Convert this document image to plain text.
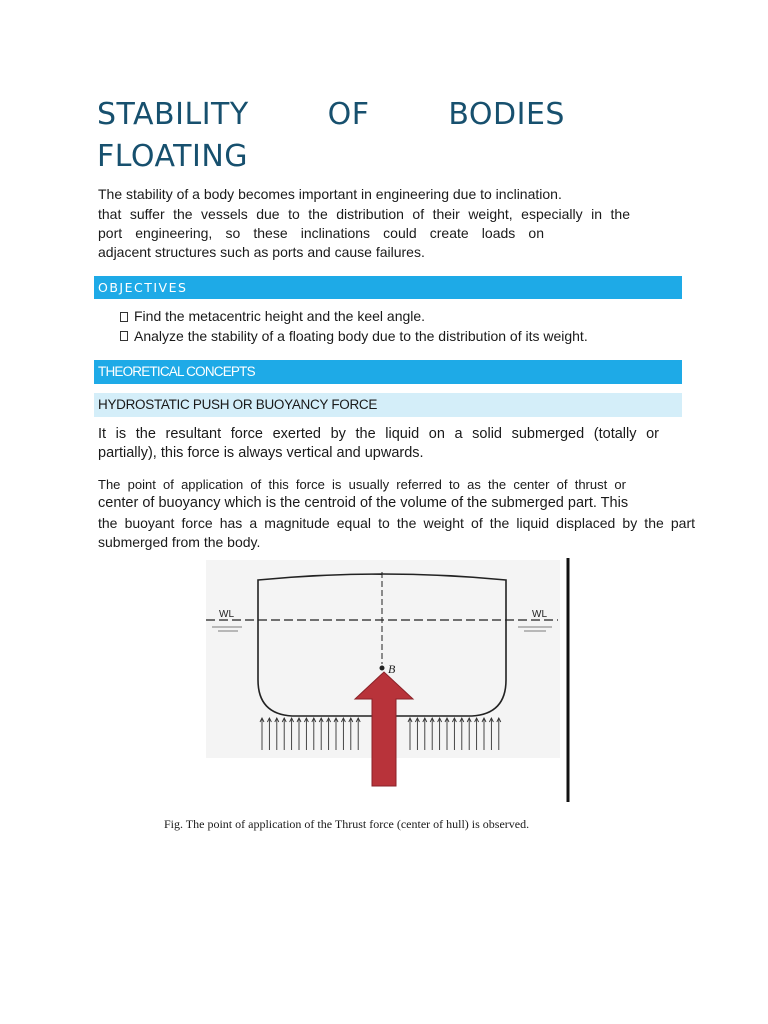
STABILITY	OF	BODIES
FLOATING
The stability of a body becomes important in engineering due to inclination.
that suffer the vessels due to the distribution of their weight, especially in the
port engineering, so these inclinations could create loads on
adjacent structures such as ports and cause failures.
OBJECTIVES
Find the metacentric height and the keel angle.
Analyze the stability of a floating body due to the distribution of its weight.
THEORETICAL CONCEPTS
HYDROSTATIC PUSH OR BUOYANCY FORCE
It is the resultant force exerted by the liquid on a solid submerged (totally or
partially), this force is always vertical and upwards.
The point of application of this force is usually referred to as the center of thrust or
center of buoyancy which is the centroid of the volume of the submerged part. This
the buoyant force has a magnitude equal to the weight of the liquid displaced by the part
submerged from the body.
WL	WL
B
Fig. The point of application of the Thrust force (center of hull) is observed.
